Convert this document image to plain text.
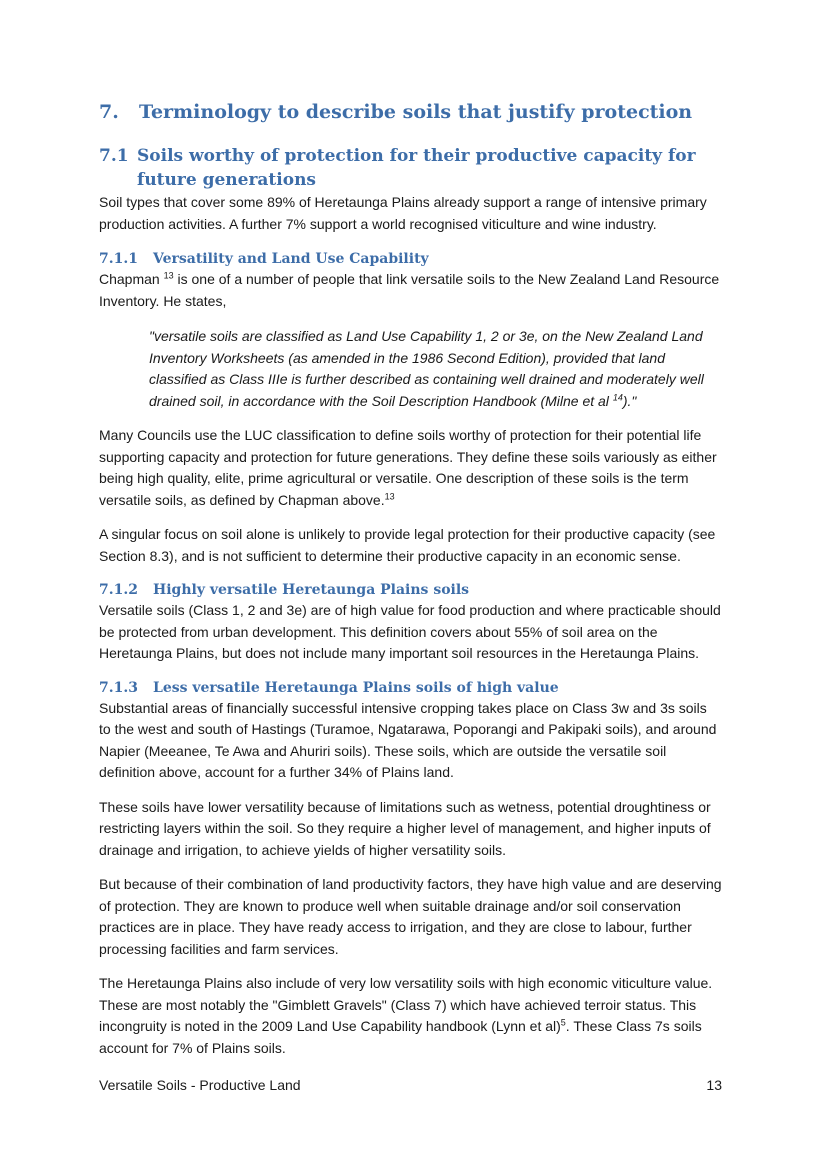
7. Terminology to describe soils that justify protection
7.1 Soils worthy of protection for their productive capacity for future generations

Soil types that cover some 89% of Heretaunga Plains already support a range of intensive primary production activities. A further 7% support a world recognised viticulture and wine industry.

7.1.1 Versatility and Land Use Capability

Chapman $^{13}$ is one of a number of people that link versatile soils to the New Zealand Land Resource Inventory. He states,

"versatile soils are classified as Land Use Capability 1, 2 or 3e, on the New Zealand Land Inventory Worksheets (as amended in the 1986 Second Edition), provided that land classified as Class IIIe is further described as containing well drained and moderately well drained soil, in accordance with the Soil Description Handbook (Milne et al $^{14}$)."

Many Councils use the LUC classification to define soils worthy of protection for their potential life supporting capacity and protection for future generations. They define these soils variously as either being high quality, elite, prime agricultural or versatile. One description of these soils is the term versatile soils, as defined by Chapman above.$^{13}$

A singular focus on soil alone is unlikely to provide legal protection for their productive capacity (see Section 8.3), and is not sufficient to determine their productive capacity in an economic sense.

7.1.2 Highly versatile Heretaunga Plains soils

Versatile soils (Class 1, 2 and 3e) are of high value for food production and where practicable should be protected from urban development. This definition covers about 55% of soil area on the Heretaunga Plains, but does not include many important soil resources in the Heretaunga Plains.

7.1.3 Less versatile Heretaunga Plains soils of high value

Substantial areas of financially successful intensive cropping takes place on Class 3w and 3s soils to the west and south of Hastings (Turamoe, Ngatarawa, Poporangi and Pakipaki soils), and around Napier (Meeanee, Te Awa and Ahuriri soils). These soils, which are outside the versatile soil definition above, account for a further 34% of Plains land.

These soils have lower versatility because of limitations such as wetness, potential droughtiness or restricting layers within the soil. So they require a higher level of management, and higher inputs of drainage and irrigation, to achieve yields of higher versatility soils.

But because of their combination of land productivity factors, they have high value and are deserving of protection. They are known to produce well when suitable drainage and/or soil conservation practices are in place. They have ready access to irrigation, and they are close to labour, further processing facilities and farm services.

The Heretaunga Plains also include of very low versatility soils with high economic viticulture value. These are most notably the "Gimblett Gravels" (Class 7) which have achieved terroir status. This incongruity is noted in the 2009 Land Use Capability handbook (Lynn et al)$^5$. These Class 7s soils account for 7% of Plains soils.

Versatile Soils - Productive Land	13
